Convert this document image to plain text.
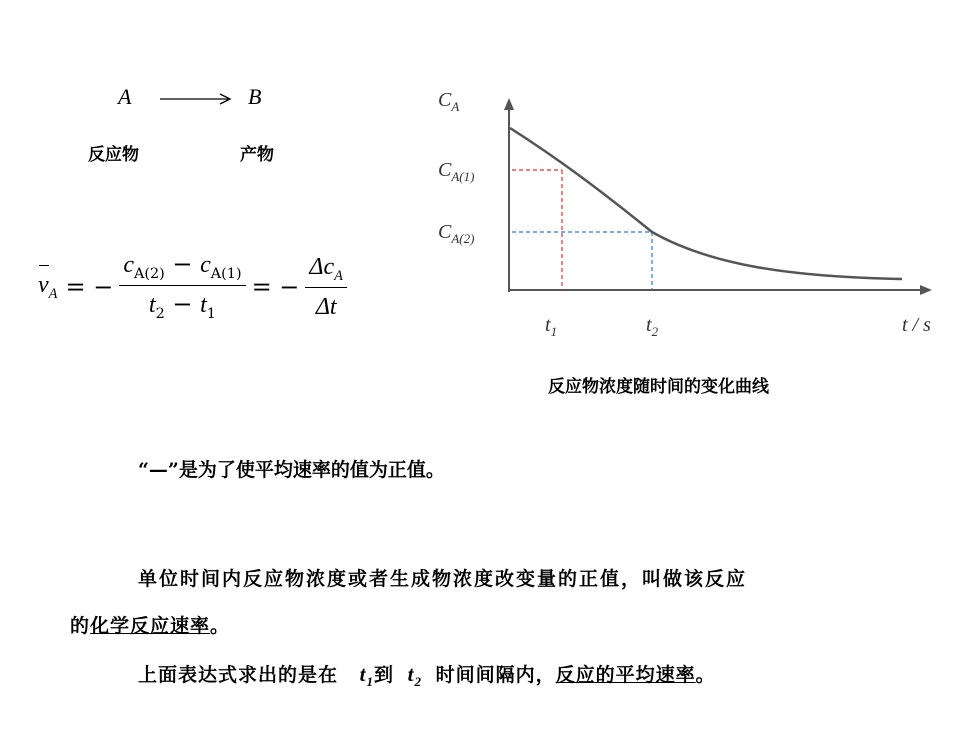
A	B
反应物	产物
$v_A$ = − $\frac{c_{A(2)} - c_{A(1)}}{t_2 - t_1}$ = − $\frac{\Delta c_A}{\Delta t}$
$C_A$
$C_{A(1)}$
$C_{A(2)}$
$t_1$	$t_2$	t / s
反应物浓度随时间的变化曲线
“—”是为了使平均速率的值为正值。
单位时间内反应物浓度或者生成物浓度改变量的正值，叫做该反应
的化学反应速率。
上面表达式求出的是在 $t_1$到 $t_2$ 时间间隔内，反应的平均速率。
